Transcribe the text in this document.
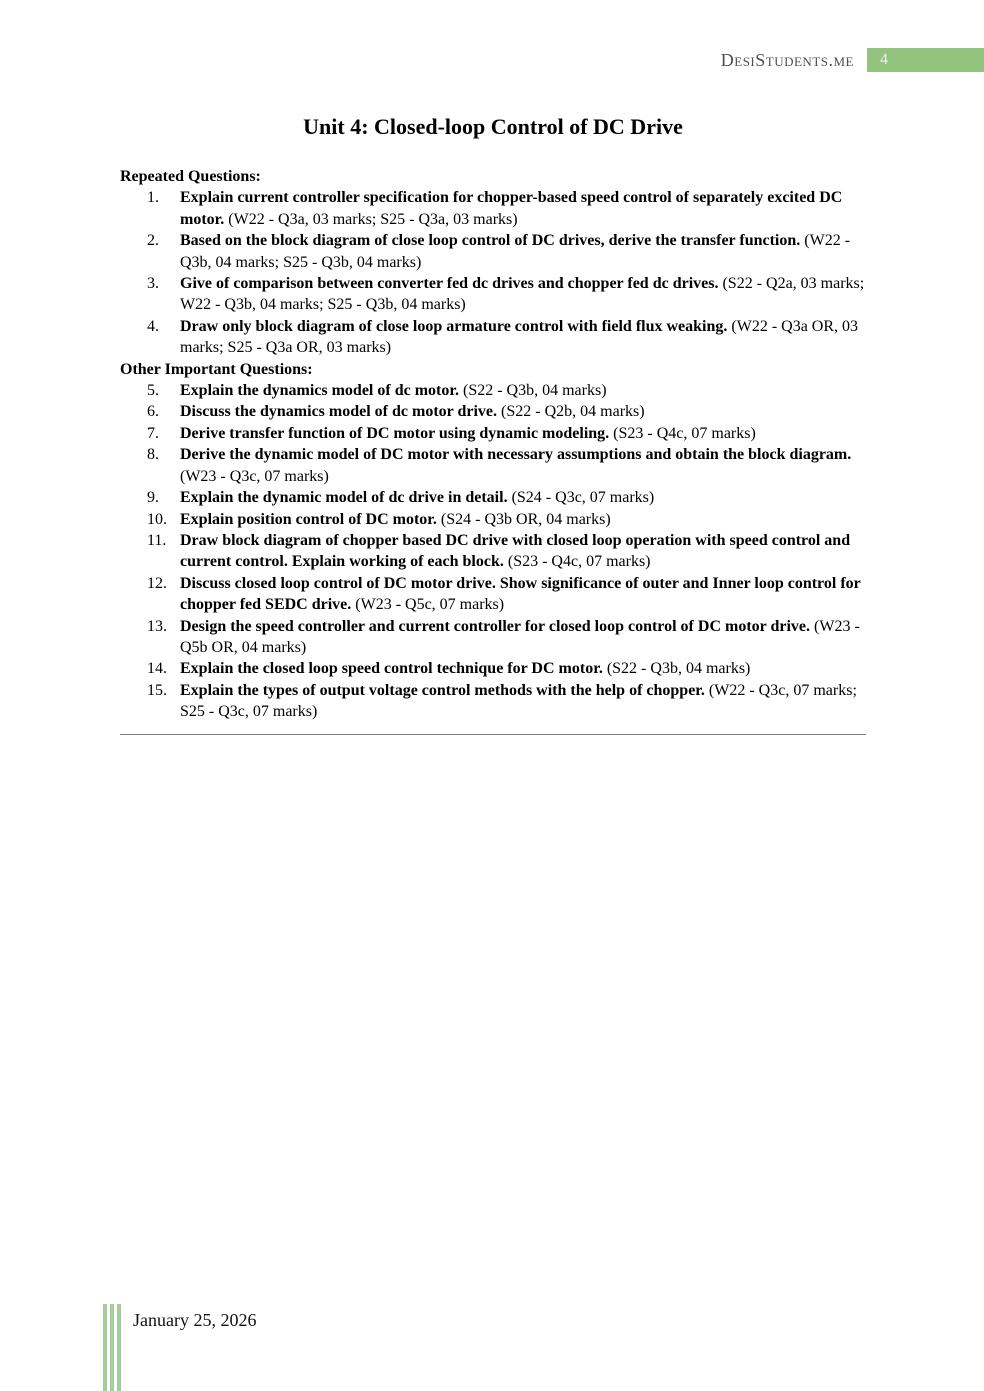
DesiStudents.me	4
Unit 4: Closed-loop Control of DC Drive
Repeated Questions:
1.	Explain current controller specification for chopper-based speed control of separately excited DC motor. (W22 - Q3a, 03 marks; S25 - Q3a, 03 marks)
2.	Based on the block diagram of close loop control of DC drives, derive the transfer function. (W22 - Q3b, 04 marks; S25 - Q3b, 04 marks)
3.	Give of comparison between converter fed dc drives and chopper fed dc drives. (S22 - Q2a, 03 marks; W22 - Q3b, 04 marks; S25 - Q3b, 04 marks)
4.	Draw only block diagram of close loop armature control with field flux weaking. (W22 - Q3a OR, 03 marks; S25 - Q3a OR, 03 marks)
Other Important Questions:
5.	Explain the dynamics model of dc motor. (S22 - Q3b, 04 marks)
6.	Discuss the dynamics model of dc motor drive. (S22 - Q2b, 04 marks)
7.	Derive transfer function of DC motor using dynamic modeling. (S23 - Q4c, 07 marks)
8.	Derive the dynamic model of DC motor with necessary assumptions and obtain the block diagram. (W23 - Q3c, 07 marks)
9.	Explain the dynamic model of dc drive in detail. (S24 - Q3c, 07 marks)
10. Explain position control of DC motor. (S24 - Q3b OR, 04 marks)
11. Draw block diagram of chopper based DC drive with closed loop operation with speed control and current control. Explain working of each block. (S23 - Q4c, 07 marks)
12. Discuss closed loop control of DC motor drive. Show significance of outer and Inner loop control for chopper fed SEDC drive. (W23 - Q5c, 07 marks)
13. Design the speed controller and current controller for closed loop control of DC motor drive. (W23 - Q5b OR, 04 marks)
14. Explain the closed loop speed control technique for DC motor. (S22 - Q3b, 04 marks)
15. Explain the types of output voltage control methods with the help of chopper. (W22 - Q3c, 07 marks; S25 - Q3c, 07 marks)
January 25, 2026
